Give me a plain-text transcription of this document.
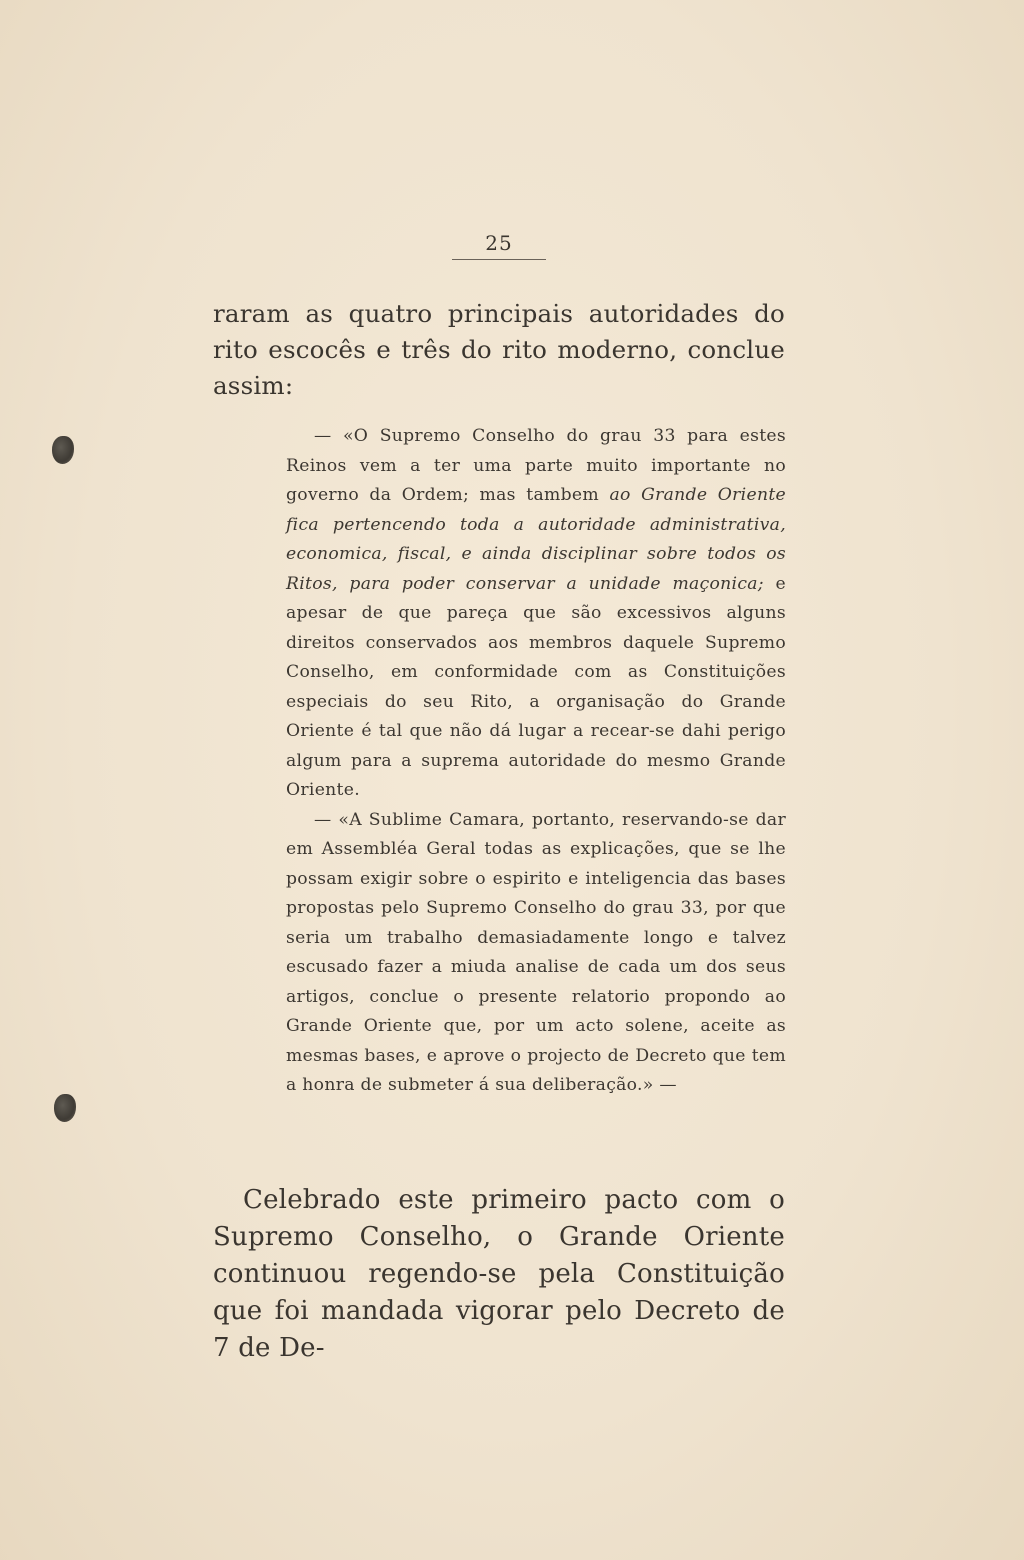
25

raram as quatro principais autoridades do rito escocês e três do rito moderno, conclue assim:

— «O Supremo Conselho do grau 33 para estes Reinos vem a ter uma parte muito importante no governo da Ordem; mas tambem ao Grande Oriente fica pertencendo toda a autoridade administrativa, economica, fiscal, e ainda disciplinar sobre todos os Ritos, para poder conservar a unidade maçonica; e apesar de que pareça que são excessivos alguns direitos conservados aos membros daquele Supremo Conselho, em conformidade com as Constituições especiais do seu Rito, a organisação do Grande Oriente é tal que não dá lugar a recear-se dahi perigo algum para a suprema autoridade do mesmo Grande Oriente.

— «A Sublime Camara, portanto, reservando-se dar em Assembléa Geral todas as explicações, que se lhe possam exigir sobre o espirito e inteligencia das bases propostas pelo Supremo Conselho do grau 33, por que seria um trabalho demasiadamente longo e talvez escusado fazer a miuda analise de cada um dos seus artigos, conclue o presente relatorio propondo ao Grande Oriente que, por um acto solene, aceite as mesmas bases, e aprove o projecto de Decreto que tem a honra de submeter á sua deliberação.» —

Celebrado este primeiro pacto com o Supremo Conselho, o Grande Oriente continuou regendo-se pela Constituição que foi mandada vigorar pelo Decreto de 7 de De-
